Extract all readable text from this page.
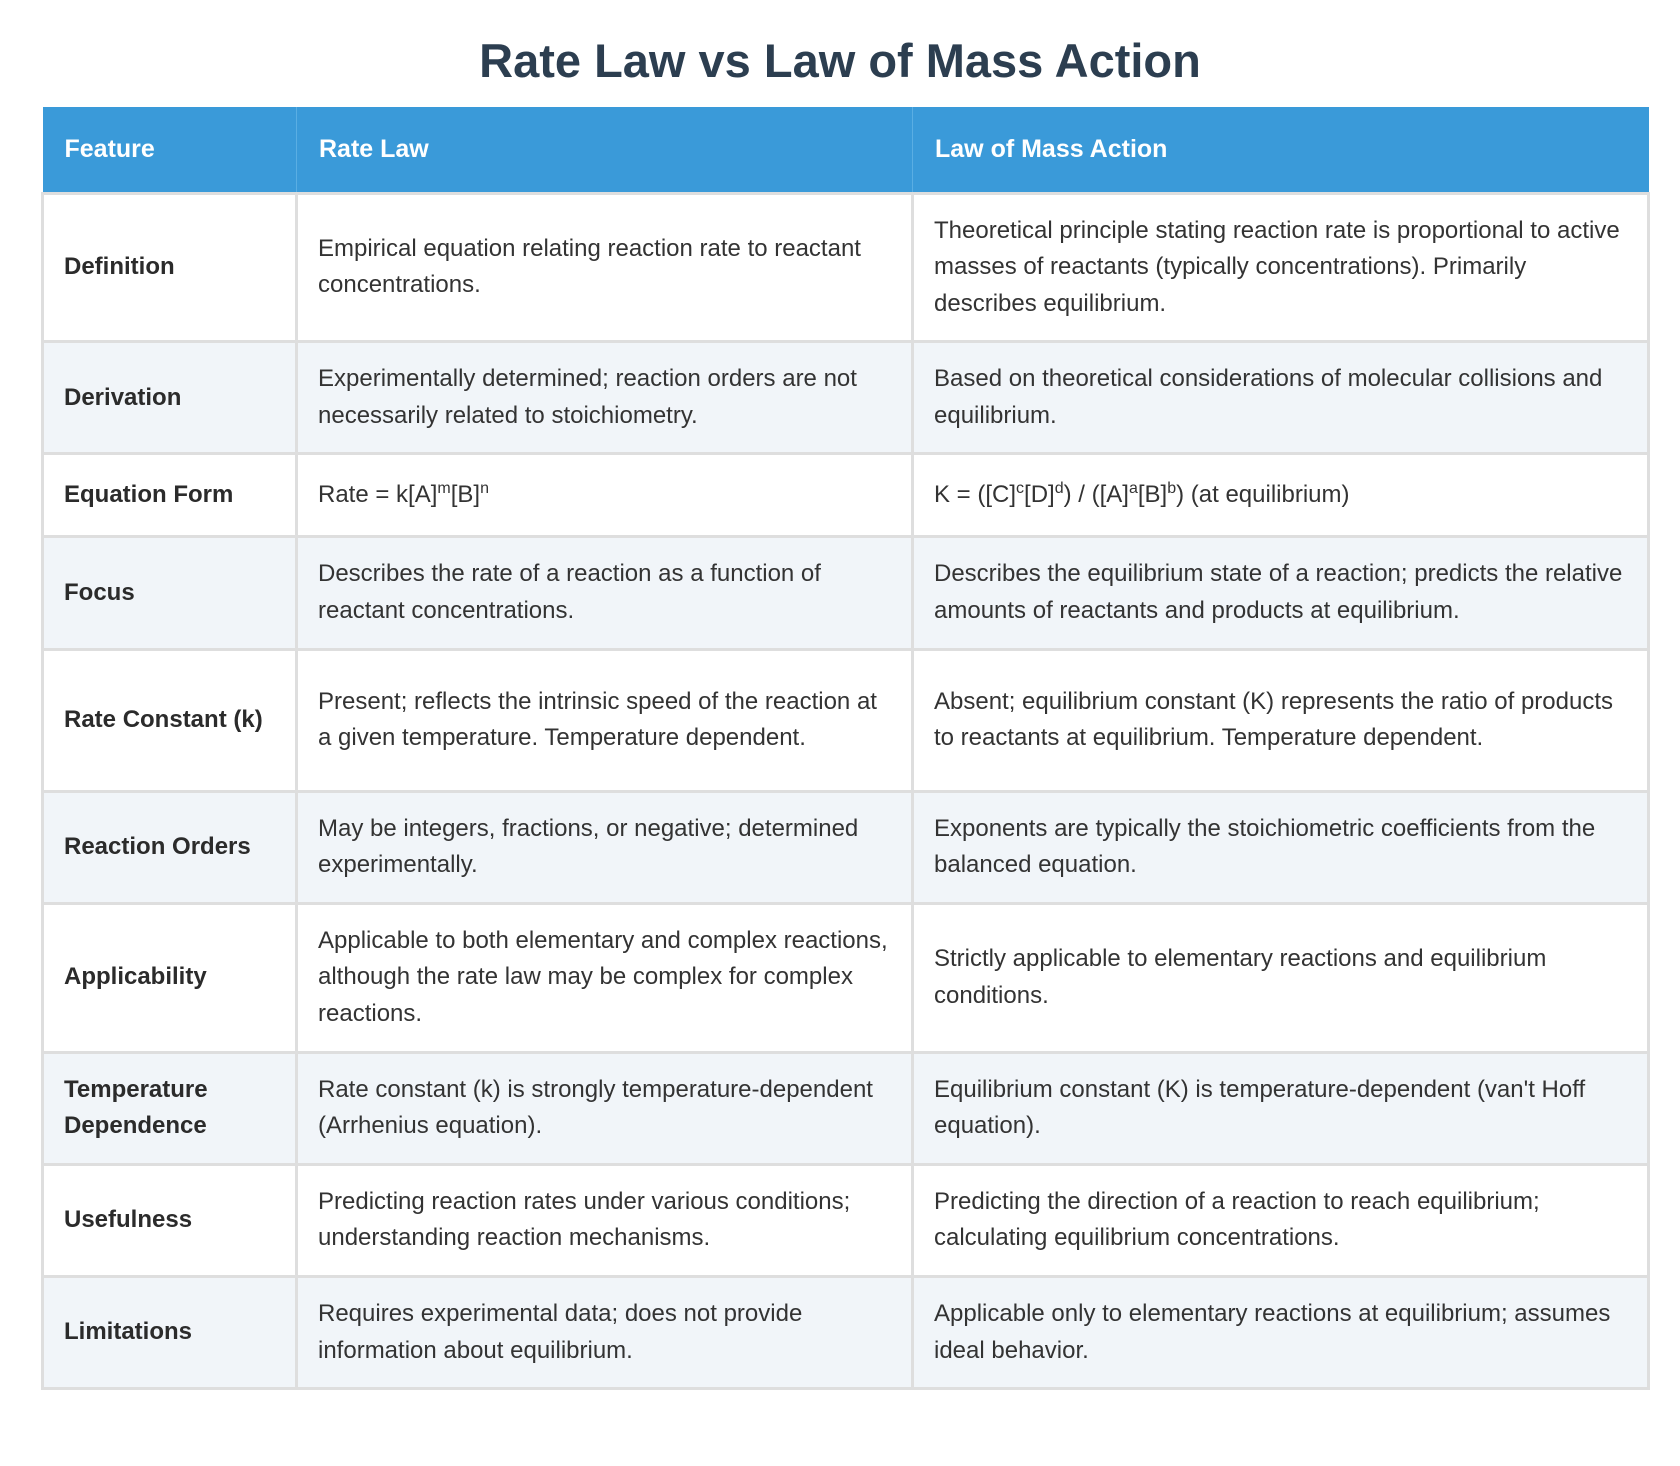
Rate Law vs Law of Mass Action
Feature	Rate Law	Law of Mass Action
Definition	Empirical equation relating reaction rate to reactant concentrations.	Theoretical principle stating reaction rate is proportional to active masses of reactants (typically concentrations). Primarily describes equilibrium.
Derivation	Experimentally determined; reaction orders are not necessarily related to stoichiometry.	Based on theoretical considerations of molecular collisions and equilibrium.
Equation Form	Rate = $k[A]^m[B]^n$	$K = ([C]^c[D]^d) / ([A]^a[B]^b)$ (at equilibrium)
Focus	Describes the rate of a reaction as a function of reactant concentrations.	Describes the equilibrium state of a reaction; predicts the relative amounts of reactants and products at equilibrium.
Rate Constant (k)	Present; reflects the intrinsic speed of the reaction at a given temperature. Temperature dependent.	Absent; equilibrium constant (K) represents the ratio of products to reactants at equilibrium. Temperature dependent.
Reaction Orders	May be integers, fractions, or negative; determined experimentally.	Exponents are typically the stoichiometric coefficients from the balanced equation.
Applicability	Applicable to both elementary and complex reactions, although the rate law may be complex for complex reactions.	Strictly applicable to elementary reactions and equilibrium conditions.
Temperature Dependence	Rate constant (k) is strongly temperature-dependent (Arrhenius equation).	Equilibrium constant (K) is temperature-dependent (van't Hoff equation).
Usefulness	Predicting reaction rates under various conditions; understanding reaction mechanisms.	Predicting the direction of a reaction to reach equilibrium; calculating equilibrium concentrations.
Limitations	Requires experimental data; does not provide information about equilibrium.	Applicable only to elementary reactions at equilibrium; assumes ideal behavior.
